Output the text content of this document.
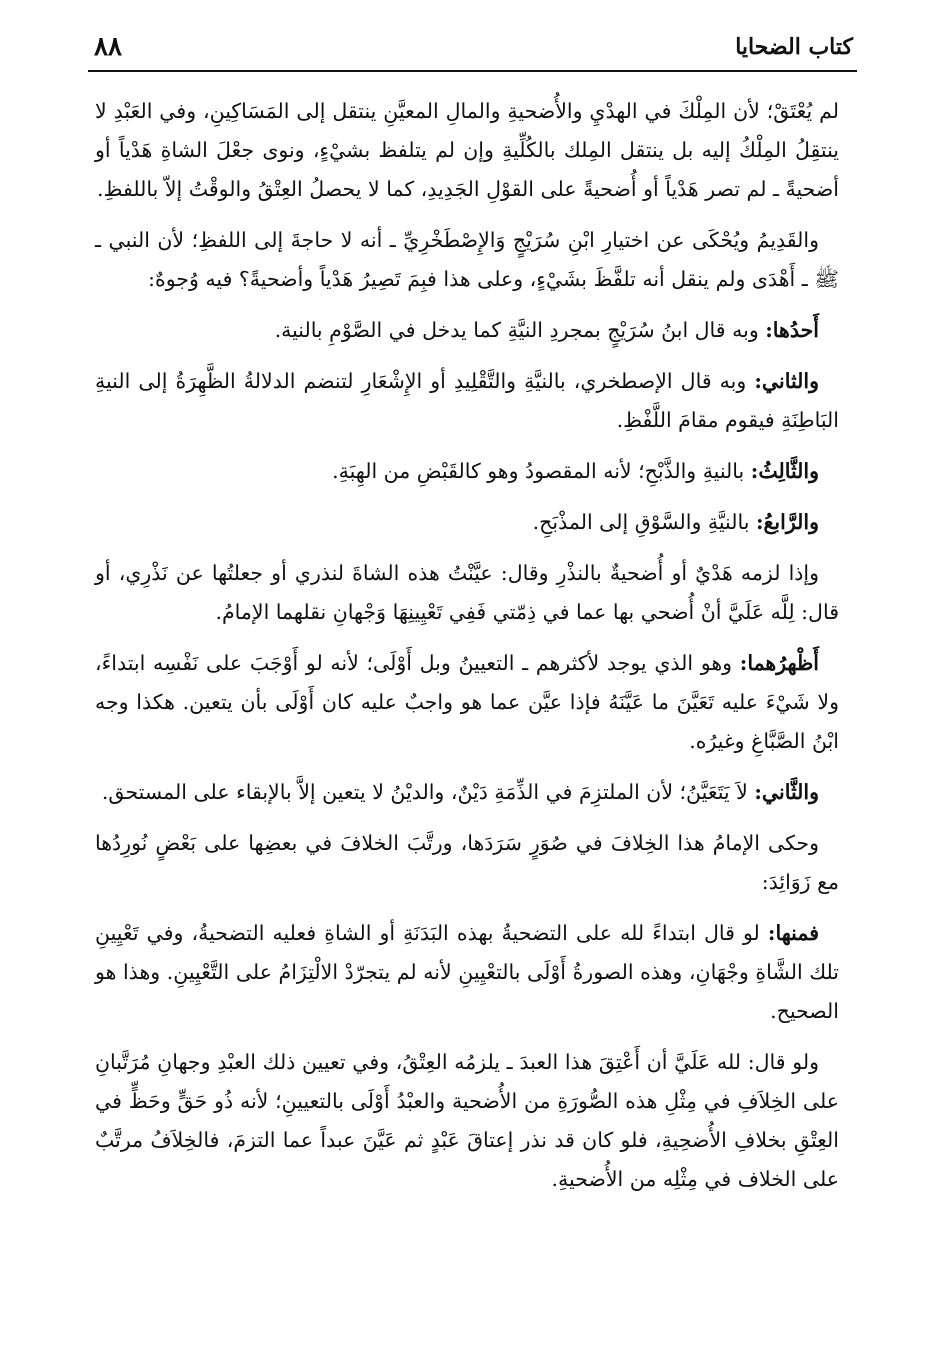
كتاب الضحايا
٨٨

لم يُعْتَقْ؛ لأن المِلْكَ في الهدْيِ والأُضحيةِ والمالِ المعيَّنِ ينتقل إلى المَسَاكِينِ، وفي العَبْدِ لا ينتقِلُ المِلْكُ إليه بل ينتقل المِلك بالكُلِّيةِ وإن لم يتلفظ بشيْءٍ، ونوى جعْلَ الشاةِ هَدْياً أو أضحيةً ـ لم تصر هَدْياً أو أُضحيةً على القوْلِ الجَدِيدِ، كما لا يحصلُ العِتْقُ والوقْتُ إلاّ باللفظِ.

والقَدِيمُ ويُحْكَى عن اختيارِ ابْنِ سُرَيْجٍ وَالإِصْطَخْرِيِّ ـ أنه لا حاجةَ إلى اللفظِ؛ لأن النبي ـ ﷺ ـ أَهْدَى ولم ينقل أنه تلفَّظَ بشَيْءٍ، وعلى هذا فبِمَ تَصِيرُ هَدْياً وأضحيةً؟ فيه وُجوهٌ:

أَحدُها: وبه قال ابنُ سُرَيْجٍ بمجردِ النيَّةِ كما يدخل في الصَّوْمِ بالنية.

والثاني: وبه قال الإصطخري، بالنيَّةِ والتَّقْلِيدِ أو الإِشْعَارِ لتنضم الدلالةُ الظَّهِرَةُ إلى النيةِ البَاطِنَةِ فيقوم مقامَ اللَّفْظِ.

والثَّالِثُ: بالنيةِ والذَّبْحِ؛ لأنه المقصودُ وهو كالقَبْضِ من الهِبَةِ.

والرَّابعُ: بالنيَّةِ والسَّوْقِ إلى المذْبَحِ.

وإذا لزمه هَدْيٌ أو أُضحيةٌ بالنذْرِ وقال: عيَّنْتُ هذه الشاةَ لنذري أو جعلتُها عن نَذْرِي، أو قال: لِلَّه عَلَيَّ أنْ أُضحي بها عما في ذِمّتي فَفِي تَعْيِينِهَا وَجْهانِ نقلهما الإمامُ.

أَظْهرُهما: وهو الذي يوجد لأكثرهم ـ التعيينُ وبل أَوْلَى؛ لأنه لو أَوْجَبَ على نَفْسِه ابتداءً، ولا شَيْءَ عليه تَعَيَّنَ ما عَيَّنَهُ فإذا عيَّن عما هو واجبٌ عليه كان أَوْلَى بأن يتعين. هكذا وجه ابْنُ الصَّبَّاغِ وغيرُه.

والثَّاني: لاَ يَتَعَيَّنُ؛ لأن الملتزِمَ في الذِّمَةِ دَيْنٌ، والديْنُ لا يتعين إلاَّ بالإبقاء على المستحق.

وحكى الإمامُ هذا الخِلافَ في صُوَرٍ سَرَدَها، ورتَّبَ الخلافَ في بعضِها على بَعْضٍ نُورِدُها مع زَوَائِدَ:

فمنها: لو قال ابتداءً لله على التضحيةُ بهذه البَدَنَةِ أو الشاةِ فعليه التضحيةُ، وفي تَعْيِينِ تلك الشَّاةِ وجْهَانِ، وهذه الصورةُ أَوْلَى بالتعْيِينِ لأنه لم يتجرّدْ الالْتِزَامُ على التَّعْيِينِ. وهذا هو الصحيح.

ولو قال: لله عَلَيَّ أن أَعْتِقَ هذا العبدَ ـ يلزمُه العِتْقُ، وفي تعيين ذلك العبْدِ وجهانِ مُرَتَّبانِ على الخِلاَفِ في مِثْلِ هذه الصُّورَةِ من الأُضحية والعبْدُ أَوْلَى بالتعيينِ؛ لأنه ذُو حَقٍّ وحَظٍّ في العِتْقِ بخلافِ الأُضحِيةِ، فلو كان قد نذر إعتاقَ عَبْدٍ ثم عَيَّنَ عبداً عما التزمَ، فالخِلاَفُ مرتَّبٌ على الخلاف في مِثْلِه من الأُضحيةِ.
